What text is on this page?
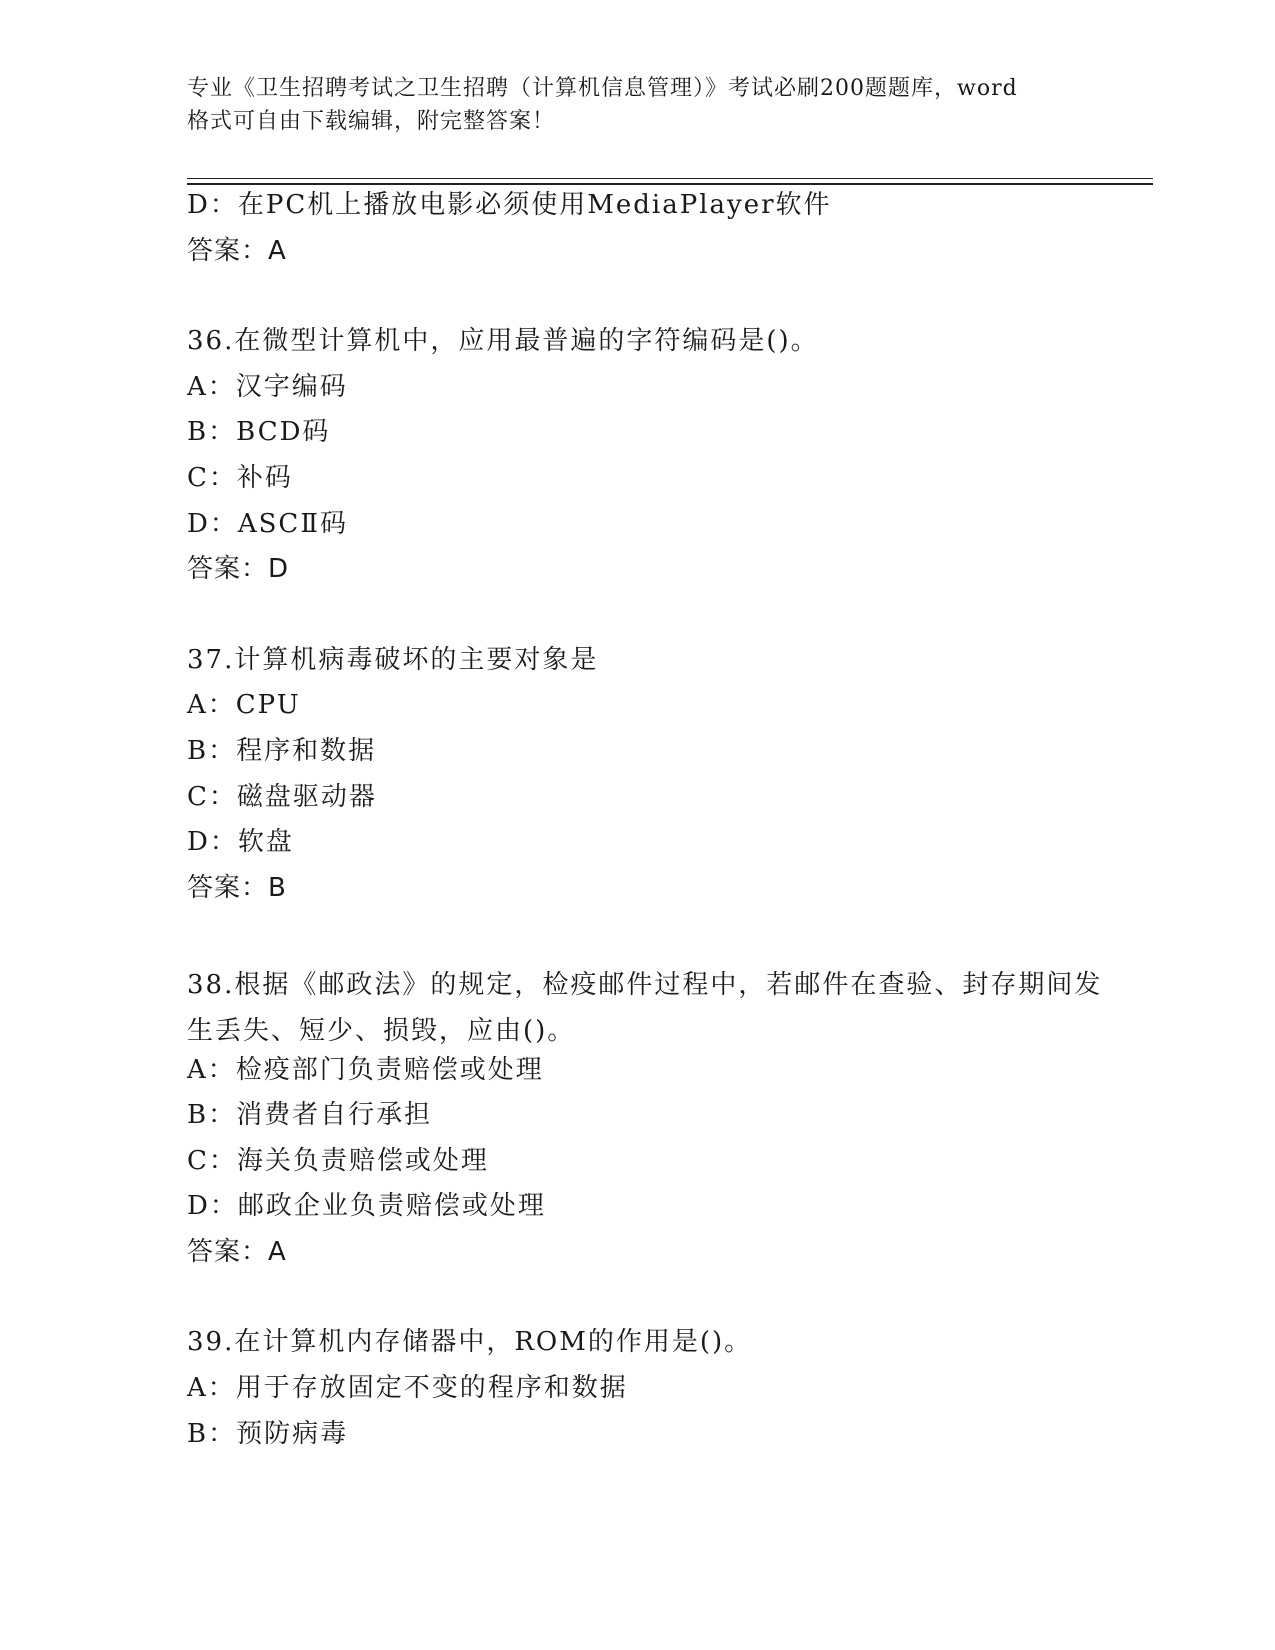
专业《卫生招聘考试之卫生招聘（计算机信息管理）》考试必刷200题题库，word
格式可自由下载编辑，附完整答案！
D：在PC机上播放电影必须使用MediaPlayer软件
答案：A
36.在微型计算机中，应用最普遍的字符编码是()。
A：汉字编码
B：BCD码
C：补码
D：ASCⅡ码
答案：D
37.计算机病毒破坏的主要对象是
A：CPU
B：程序和数据
C：磁盘驱动器
D：软盘
答案：B
38.根据《邮政法》的规定，检疫邮件过程中，若邮件在查验、封存期间发生丢失、短少、损毁，应由()。
A：检疫部门负责赔偿或处理
B：消费者自行承担
C：海关负责赔偿或处理
D：邮政企业负责赔偿或处理
答案：A
39.在计算机内存储器中，ROM的作用是()。
A：用于存放固定不变的程序和数据
B：预防病毒
